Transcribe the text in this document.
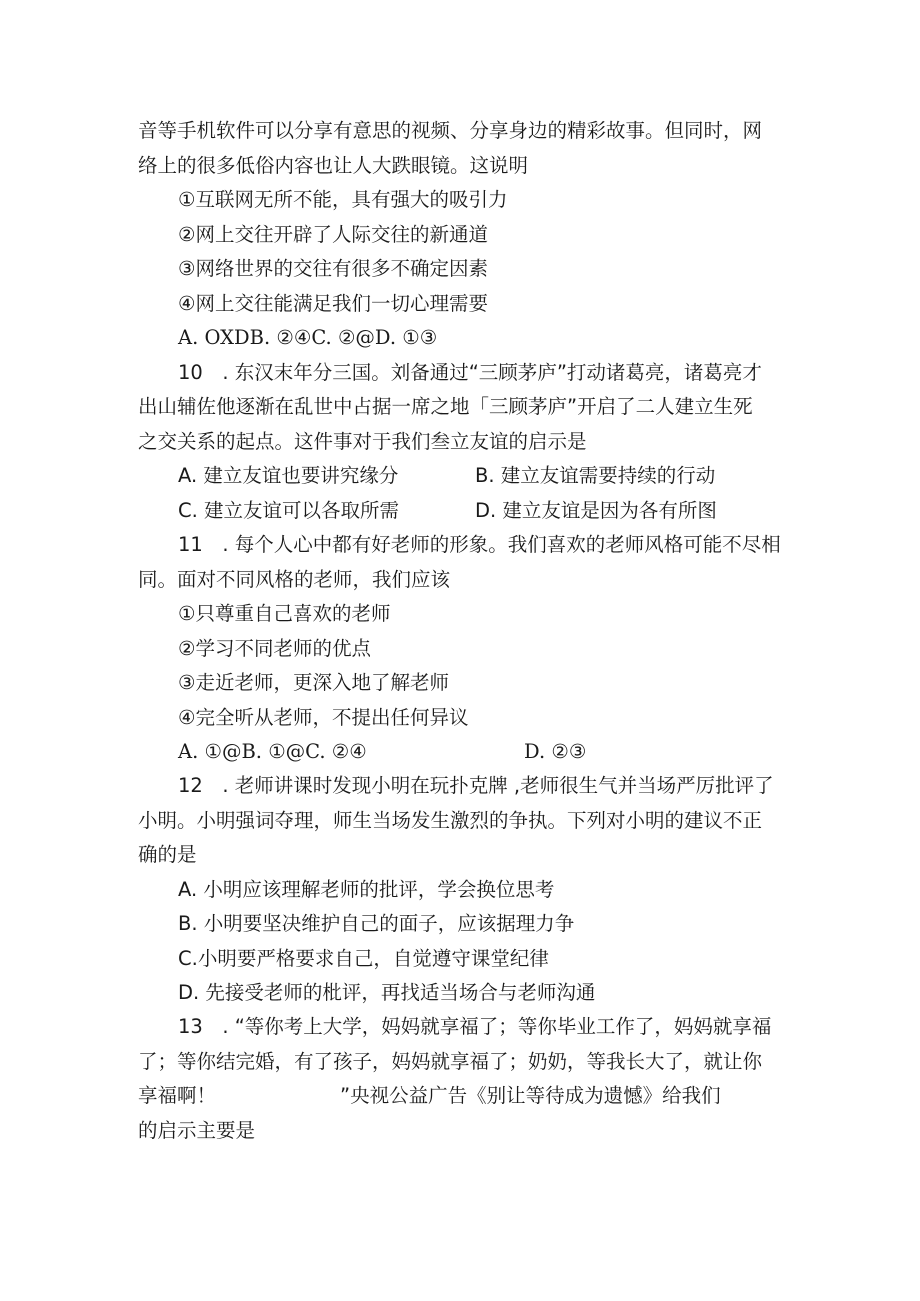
音等手机软件可以分享有意思的视频、分享身边的精彩故事。但同时，网
络上的很多低俗内容也让人大跌眼镜。这说明
①互联网无所不能，具有强大的吸引力
②网上交往开辟了人际交往的新通道
③网络世界的交往有很多不确定因素
④网上交往能满足我们一切心理需要
A. OXDB. ②④C. ②@D. ①③
10　. 东汉末年分三国。刘备通过“三顾茅庐”打动诸葛亮，诸葛亮才
出山辅佐他逐渐在乱世中占据一席之地「三顾茅庐”开启了二人建立生死
之交关系的起点。这件事对于我们叁立友谊的启示是
A. 建立友谊也要讲究缘分	B. 建立友谊需要持续的行动
C. 建立友谊可以各取所需	D. 建立友谊是因为各有所图
11　. 每个人心中都有好老师的形象。我们喜欢的老师风格可能不尽相
同。面对不同风格的老师，我们应该
①只尊重自己喜欢的老师
②学习不同老师的优点
③走近老师，更深入地了解老师
④完全听从老师，不提出任何异议
A. ①@B. ①@C. ②④	D. ②③
12　. 老师讲课时发现小明在玩扑克牌 ,老师很生气并当场严厉批评了
小明。小明强词夺理，师生当场发生激烈的争执。下列对小明的建议不正
确的是
A. 小明应该理解老师的批评，学会换位思考
B. 小明要坚决维护自己的面子，应该据理力争
C.小明要严格要求自己，自觉遵守课堂纪律
D. 先接受老师的枇评，再找适当场合与老师沟通
13　. “等你考上大学，妈妈就享福了；等你毕业工作了，妈妈就享福
了；等你结完婚，有了孩子，妈妈就享福了；奶奶，等我长大了，就让你
享福啊！	”央视公益广告《别让等待成为遗憾》给我们
的启示主要是
